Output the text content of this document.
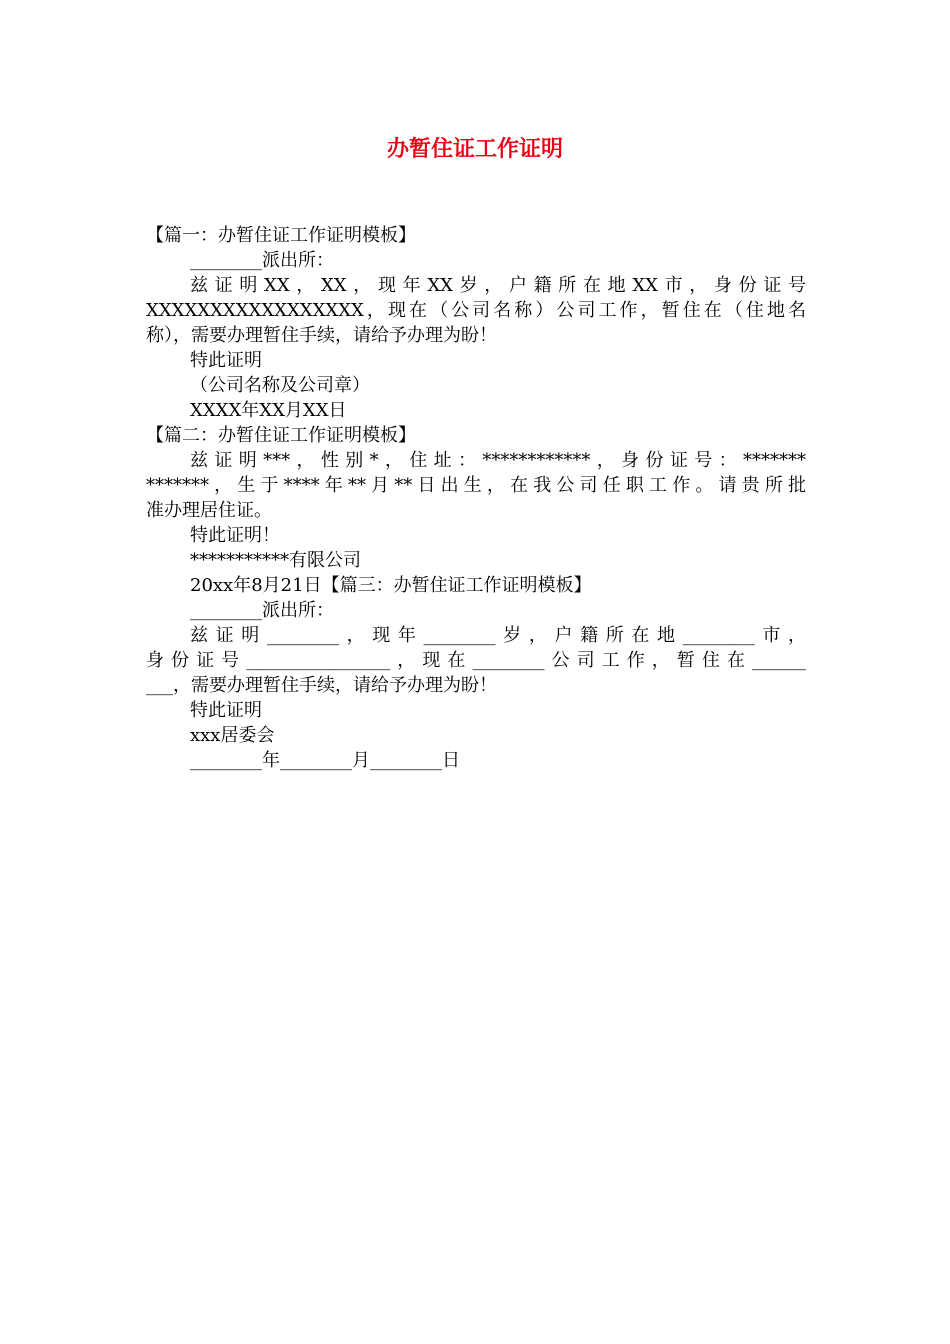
办暂住证工作证明
【篇一：办暂住证工作证明模板】
________派出所：
兹证明XX，XX，现年XX岁，户籍所在地XX市，身份证号
XXXXXXXXXXXXXXXXX，现在（公司名称）公司工作，暂住在（住地名
称），需要办理暂住手续，请给予办理为盼！
特此证明
（公司名称及公司章）
XXXX年XX月XX日
【篇二：办暂住证工作证明模板】
兹证明***，性别*，住址：************，身份证号：*******
*******，生于****年**月**日出生，在我公司任职工作。请贵所批
准办理居住证。
特此证明！
***********有限公司
20xx年8月21日【篇三：办暂住证工作证明模板】
________派出所：
兹证明________，现年________岁，户籍所在地________市，
身份证号________________，现在________公司工作，暂住在______
___，需要办理暂住手续，请给予办理为盼！
特此证明
xxx居委会
________年________月________日
